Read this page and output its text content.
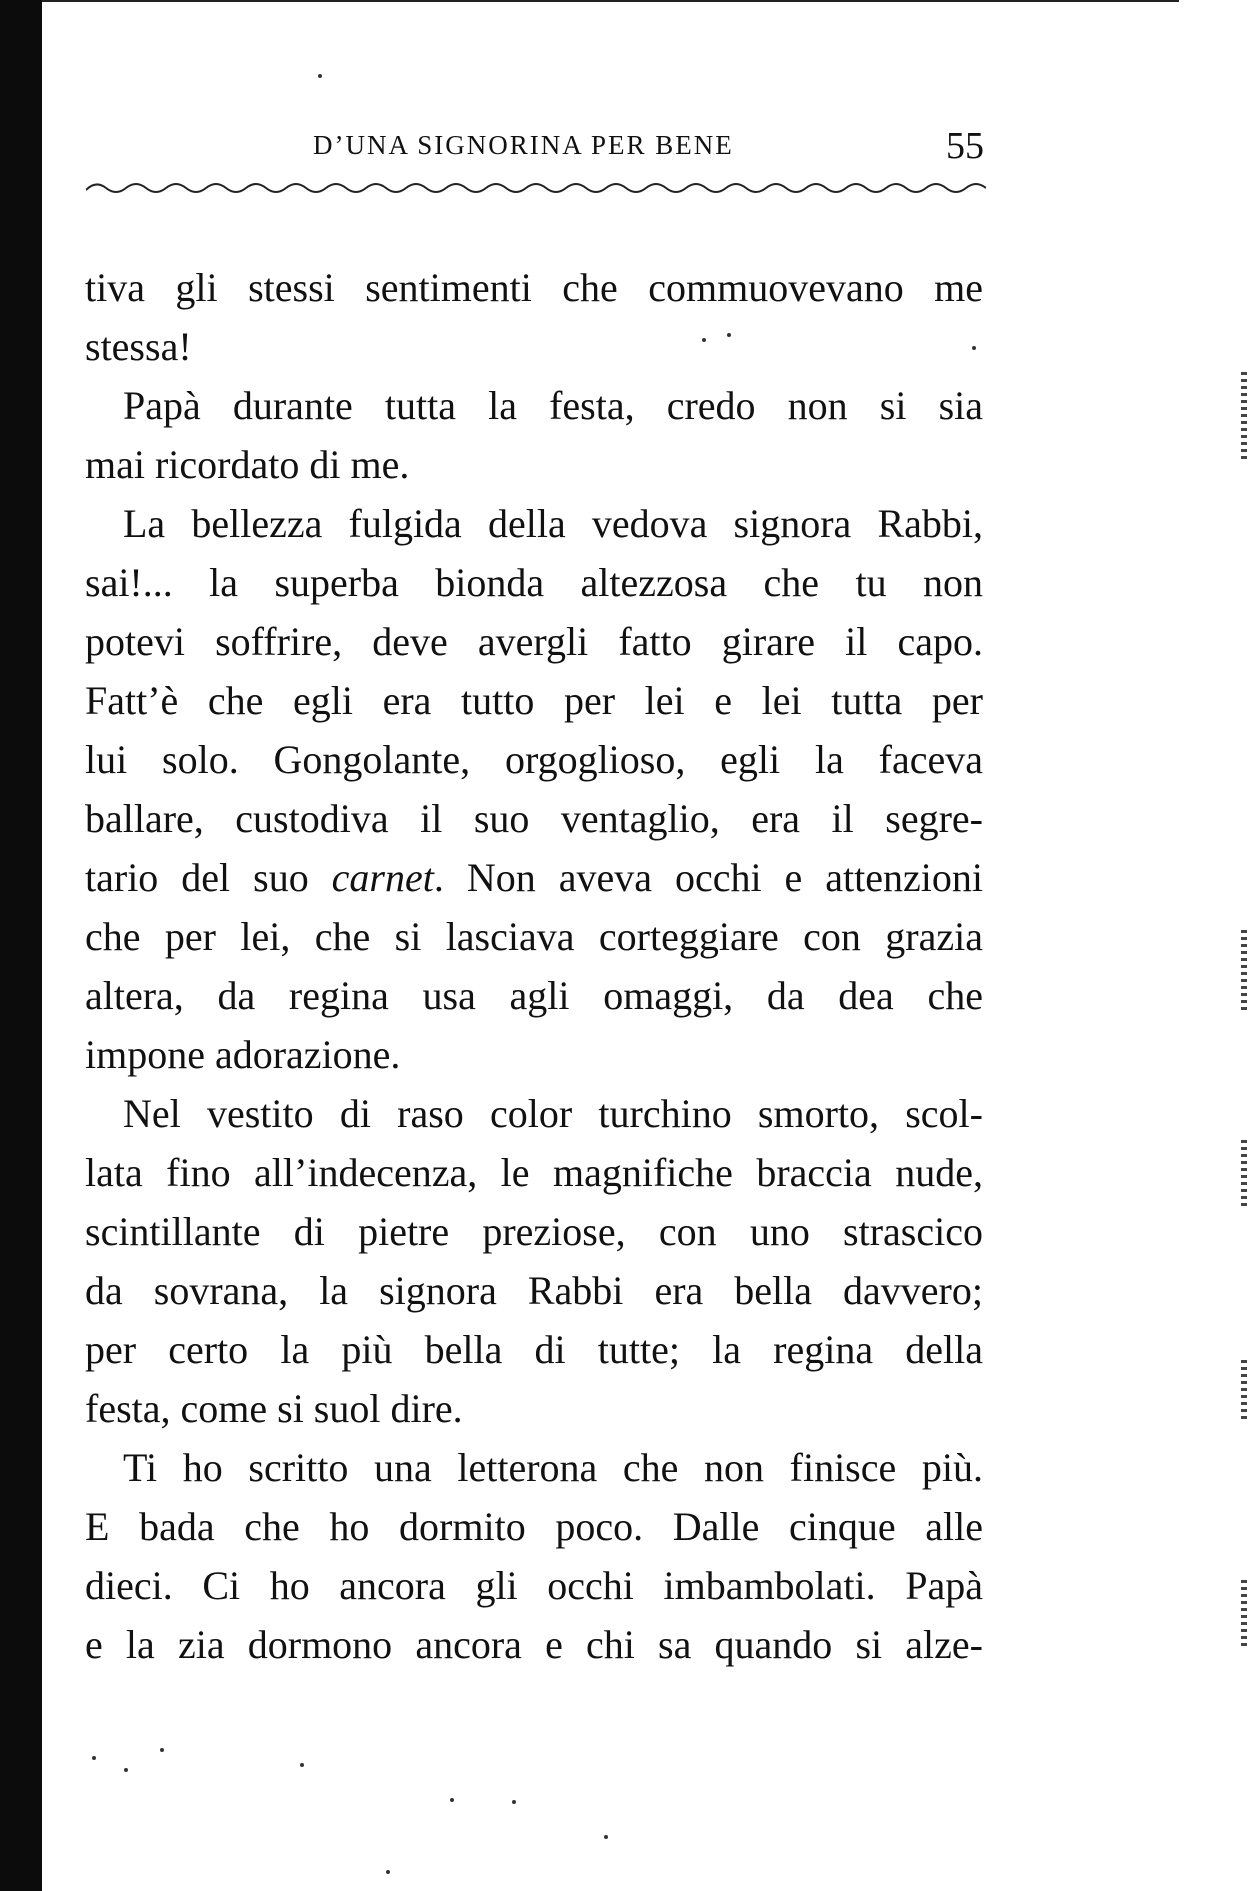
D’UNA SIGNORINA PER BENE	55

tiva gli stessi sentimenti che commuovevano me
stessa!

Papà durante tutta la festa, credo non si sia
mai ricordato di me.

La bellezza fulgida della vedova signora Rabbi,
sai!... la superba bionda altezzosa che tu non
potevi soffrire, deve avergli fatto girare il capo.
Fatt’è che egli era tutto per lei e lei tutta per
lui solo. Gongolante, orgoglioso, egli la faceva
ballare, custodiva il suo ventaglio, era il segre-
tario del suo carnet. Non aveva occhi e attenzioni
che per lei, che si lasciava corteggiare con grazia
altera, da regina usa agli omaggi, da dea che
impone adorazione.

Nel vestito di raso color turchino smorto, scol-
lata fino all’indecenza, le magnifiche braccia nude,
scintillante di pietre preziose, con uno strascico
da sovrana, la signora Rabbi era bella davvero;
per certo la più bella di tutte; la regina della
festa, come si suol dire.

Ti ho scritto una letterona che non finisce più.
E bada che ho dormito poco. Dalle cinque alle
dieci. Ci ho ancora gli occhi imbambolati. Papà
e la zia dormono ancora e chi sa quando si alze-
